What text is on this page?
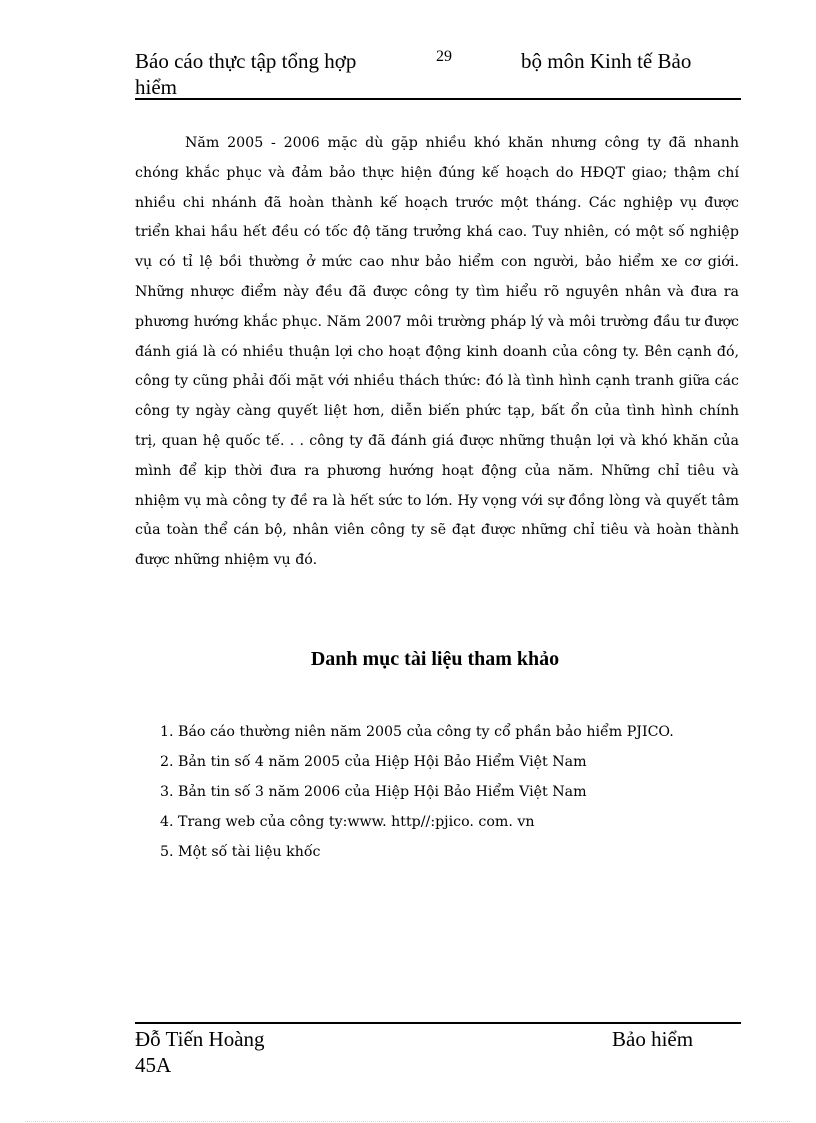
Báo cáo thực tập tổng hợp hiểm
29	bộ môn Kinh tế Bảo

Năm 2005 - 2006 mặc dù gặp nhiều khó khăn nhưng công ty đã nhanh chóng khắc phục và đảm bảo thực hiện đúng kế hoạch do HĐQT giao; thậm chí nhiều chi nhánh đã hoàn thành kế hoạch trước một tháng. Các nghiệp vụ được triển khai hầu hết đều có tốc độ tăng trưởng khá cao. Tuy nhiên, có một số nghiệp vụ có tỉ lệ bồi thường ở mức cao như bảo hiểm con người, bảo hiểm xe cơ giới. Những nhược điểm này đều đã được công ty tìm hiểu rõ nguyên nhân và đưa ra phương hướng khắc phục. Năm 2007 môi trường pháp lý và môi trường đầu tư được đánh giá là có nhiều thuận lợi cho hoạt động kinh doanh của công ty. Bên cạnh đó, công ty cũng phải đối mặt với nhiều thách thức: đó là tình hình cạnh tranh giữa các công ty ngày càng quyết liệt hơn, diễn biến phức tạp, bất ổn của tình hình chính trị, quan hệ quốc tế. . . công ty đã đánh giá được những thuận lợi và khó khăn của mình để kịp thời đưa ra phương hướng hoạt động của năm. Những chỉ tiêu và nhiệm vụ mà công ty đề ra là hết sức to lớn. Hy vọng với sự đồng lòng và quyết tâm của toàn thể cán bộ, nhân viên công ty sẽ đạt được những chỉ tiêu và hoàn thành được những nhiệm vụ đó.

Danh mục tài liệu tham khảo
1. Báo cáo thường niên năm 2005 của công ty cổ phần bảo hiểm PJICO.
2. Bản tin số 4 năm 2005 của Hiệp Hội Bảo Hiểm Việt Nam
3. Bản tin số 3 năm 2006 của Hiệp Hội Bảo Hiểm Việt Nam
4. Trang web của công ty:www. http//:pjico. com. vn
5. Một số tài liệu khốc
Đỗ Tiến Hoàng 45A
Bảo hiểm
